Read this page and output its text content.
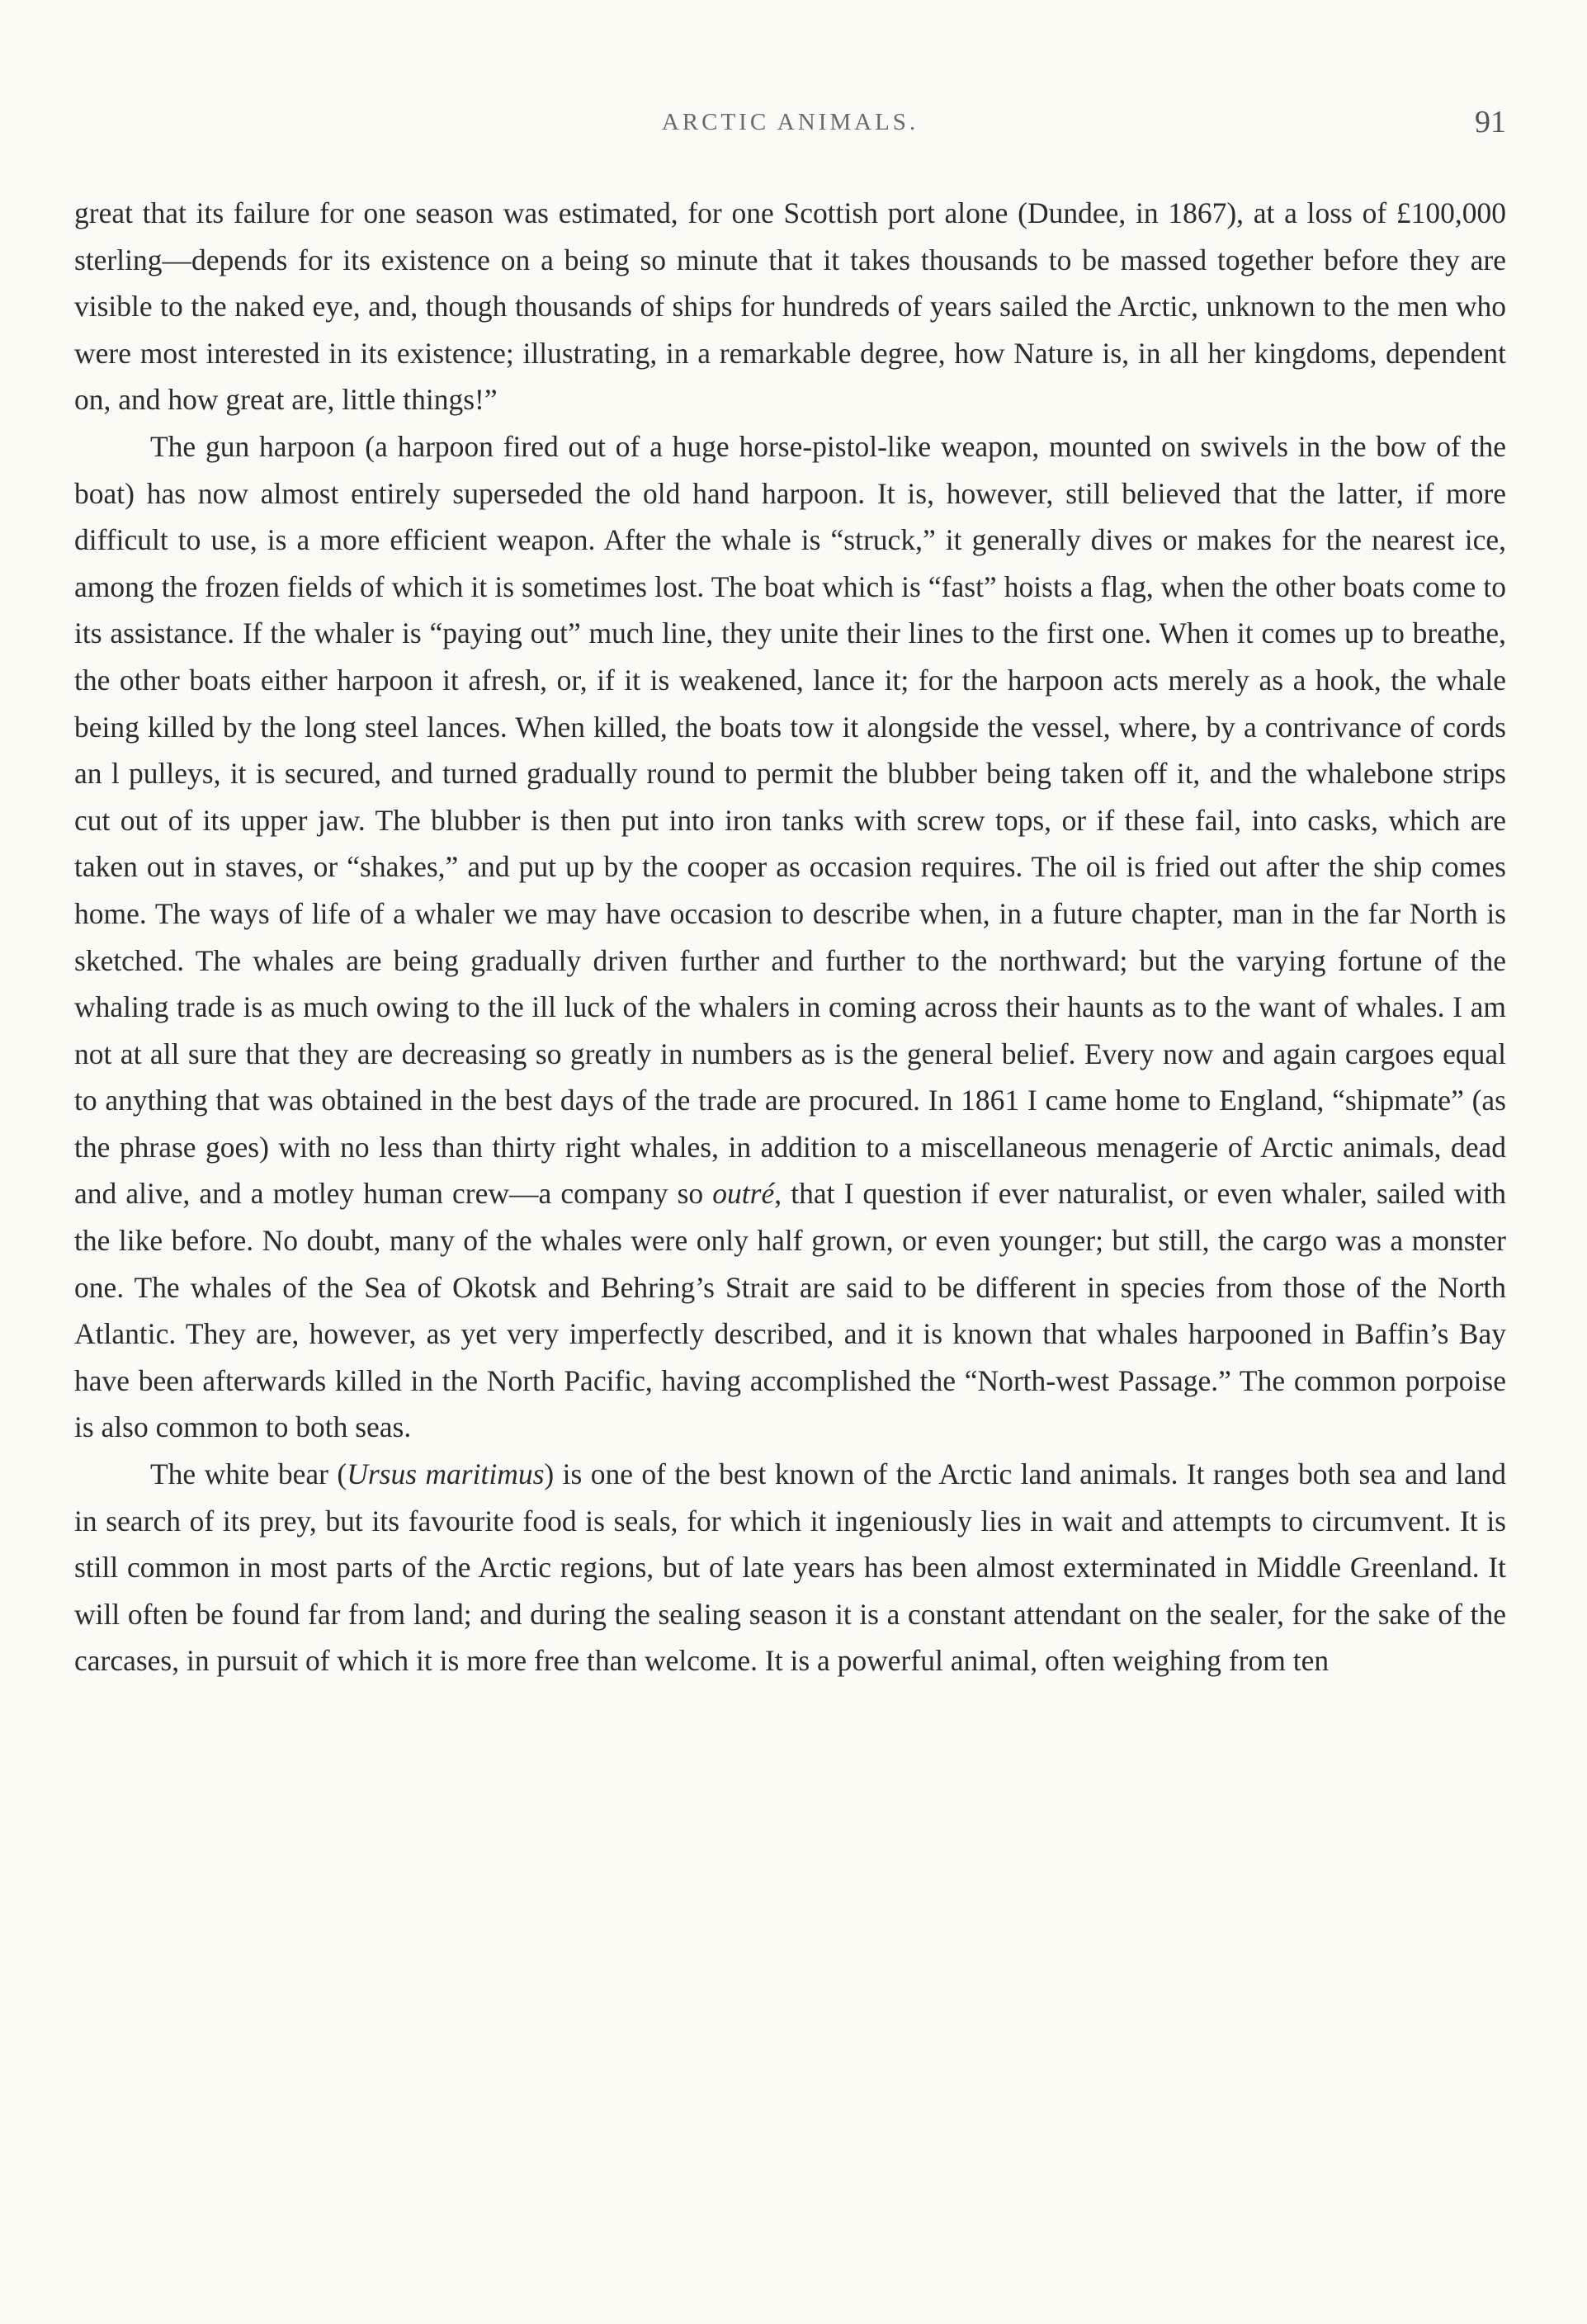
ARCTIC ANIMALS.	91

great that its failure for one season was estimated, for one Scottish port alone (Dundee, in 1867), at a loss of £100,000 sterling—depends for its existence on a being so minute that it takes thousands to be massed together before they are visible to the naked eye, and, though thousands of ships for hundreds of years sailed the Arctic, unknown to the men who were most interested in its existence; illustrating, in a remarkable degree, how Nature is, in all her kingdoms, dependent on, and how great are, little things!”

The gun harpoon (a harpoon fired out of a huge horse-pistol-like weapon, mounted on swivels in the bow of the boat) has now almost entirely superseded the old hand harpoon. It is, however, still believed that the latter, if more difficult to use, is a more efficient weapon. After the whale is “struck,” it generally dives or makes for the nearest ice, among the frozen fields of which it is sometimes lost. The boat which is “fast” hoists a flag, when the other boats come to its assistance. If the whaler is “paying out” much line, they unite their lines to the first one. When it comes up to breathe, the other boats either harpoon it afresh, or, if it is weakened, lance it; for the harpoon acts merely as a hook, the whale being killed by the long steel lances. When killed, the boats tow it alongside the vessel, where, by a contrivance of cords an l pulleys, it is secured, and turned gradually round to permit the blubber being taken off it, and the whalebone strips cut out of its upper jaw. The blubber is then put into iron tanks with screw tops, or if these fail, into casks, which are taken out in staves, or “shakes,” and put up by the cooper as occasion requires. The oil is fried out after the ship comes home. The ways of life of a whaler we may have occasion to describe when, in a future chapter, man in the far North is sketched. The whales are being gradually driven further and further to the northward; but the varying fortune of the whaling trade is as much owing to the ill luck of the whalers in coming across their haunts as to the want of whales. I am not at all sure that they are decreasing so greatly in numbers as is the general belief. Every now and again cargoes equal to anything that was obtained in the best days of the trade are procured. In 1861 I came home to England, “shipmate” (as the phrase goes) with no less than thirty right whales, in addition to a miscellaneous menagerie of Arctic animals, dead and alive, and a motley human crew—a company so outré, that I question if ever naturalist, or even whaler, sailed with the like before. No doubt, many of the whales were only half grown, or even younger; but still, the cargo was a monster one. The whales of the Sea of Okotsk and Behring’s Strait are said to be different in species from those of the North Atlantic. They are, however, as yet very imperfectly described, and it is known that whales harpooned in Baffin’s Bay have been afterwards killed in the North Pacific, having accomplished the “North-west Passage.” The common porpoise is also common to both seas.

The white bear (Ursus maritimus) is one of the best known of the Arctic land animals. It ranges both sea and land in search of its prey, but its favourite food is seals, for which it ingeniously lies in wait and attempts to circumvent. It is still common in most parts of the Arctic regions, but of late years has been almost exterminated in Middle Greenland. It will often be found far from land; and during the sealing season it is a constant attendant on the sealer, for the sake of the carcases, in pursuit of which it is more free than welcome. It is a powerful animal, often weighing from ten
